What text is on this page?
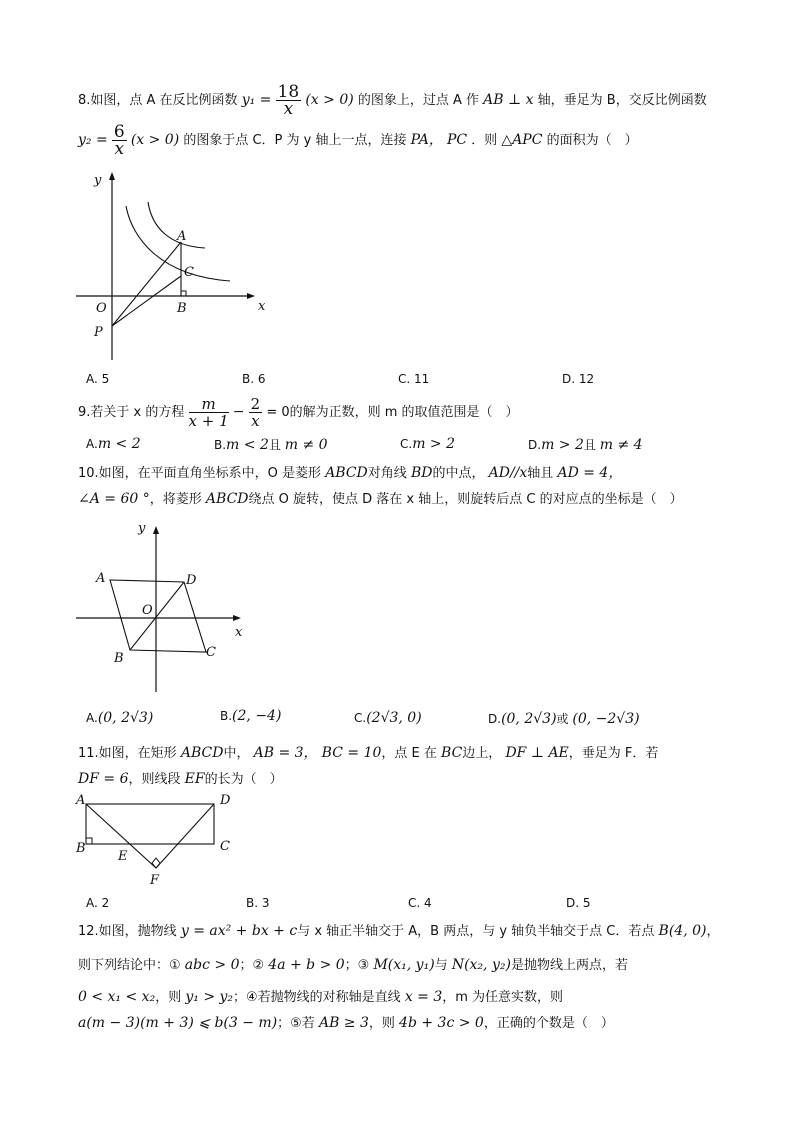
8.如图，点 A 在反比例函数 $y_1 = \frac{18}{x} (x > 0)$ 的图象上，过点 A 作 AB ⊥ x 轴，垂足为 B，交反比例函数
$y_2 = \frac{6}{x} (x > 0)$ 的图象于点 C．P 为 y 轴上一点，连接 PA， PC ．则 △APC 的面积为（　）
y
x
A
C
O	B
P
A. 5	B. 6	C. 11	D. 12
9.若关于 x 的方程 $\frac{m}{x + 1} - \frac{2}{x} = 0$的解为正数，则 m 的取值范围是（　）
A.m < 2	B.m < 2且 m ≠ 0	C.m > 2	D.m > 2且 m ≠ 4
10.如图，在平面直角坐标系中，O 是菱形 ABCD对角线 BD的中点， AD//x轴且 AD = 4，
∠A = 60 °，将菱形 ABCD绕点 O 旋转，使点 D 落在 x 轴上，则旋转后点 C 的对应点的坐标是（　）
y
x
A	D
O
B	C
A.(0, 2√3)	B.(2, −4)	C.(2√3, 0)	D.(0, 2√3)或 (0, −2√3)
11.如图，在矩形 ABCD中， AB = 3， BC = 10，点 E 在 BC边上， DF ⊥ AE，垂足为 F．若
DF = 6，则线段 EF的长为（　）
A	D
B	C
E
F
A. 2	B. 3	C. 4	D. 5
12.如图，抛物线 y = ax² + bx + c与 x 轴正半轴交于 A，B 两点，与 y 轴负半轴交于点 C．若点 B(4, 0)，
则下列结论中：① abc > 0；② 4a + b > 0；③ M(x₁, y₁)与 N(x₂, y₂)是抛物线上两点，若
0 < x₁ < x₂，则 y₁ > y₂；④若抛物线的对称轴是直线 x = 3，m 为任意实数，则
a(m − 3)(m + 3) ⩽ b(3 − m)；⑤若 AB ≥ 3，则 4b + 3c > 0，正确的个数是（　）
